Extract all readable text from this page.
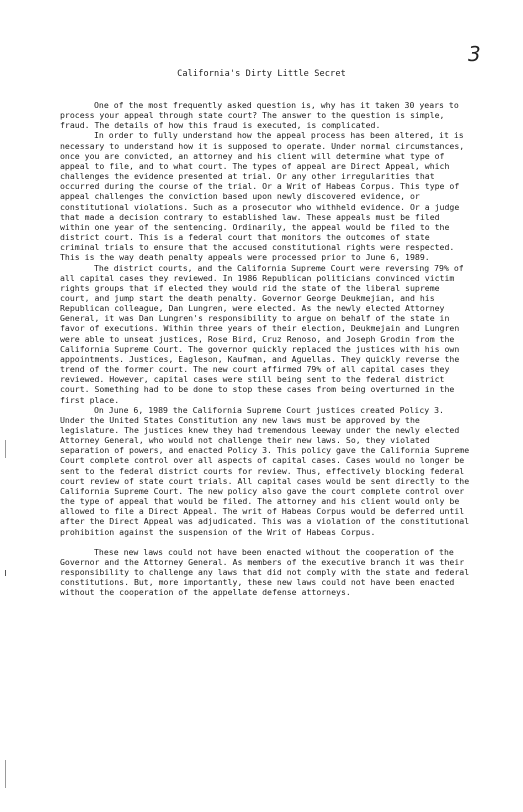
3
California's Dirty Little Secret

One of the most frequently asked question is, why has it taken 30 years to process your appeal through state court? The answer to the question is simple, fraud. The details of how this fraud is executed, is complicated.

In order to fully understand how the appeal process has been altered, it is necessary to understand how it is supposed to operate. Under normal circumstances, once you are convicted, an attorney and his client will determine what type of appeal to file, and to what court. The types of appeal are Direct Appeal, which challenges the evidence presented at trial. Or any other irregularities that occurred during the course of the trial. Or a Writ of Habeas Corpus. This type of appeal challenges the conviction based upon newly discovered evidence, or constitutional violations. Such as a prosecutor who withheld evidence. Or a judge that made a decision contrary to established law. These appeals must be filed within one year of the sentencing. Ordinarily, the appeal would be filed to the district court. This is a federal court that monitors the outcomes of state criminal trials to ensure that the accused constitutional rights were respected. This is the way death penalty appeals were processed prior to June 6, 1989.

The district courts, and the California Supreme Court were reversing 79% of all capital cases they reviewed. In 1986 Republican politicians convinced victim rights groups that if elected they would rid the state of the liberal supreme court, and jump start the death penalty. Governor George Deukmejian, and his Republican colleague, Dan Lungren, were elected. As the newly elected Attorney General, it was Dan Lungren's responsibility to argue on behalf of the state in favor of executions. Within three years of their election, Deukmejain and Lungren were able to unseat justices, Rose Bird, Cruz Renoso, and Joseph Grodin from the California Supreme Court. The governor quickly replaced the justices with his own appointments. Justices, Eagleson, Kaufman, and Aguellas. They quickly reverse the trend of the former court. The new court affirmed 79% of all capital cases they reviewed. However, capital cases were still being sent to the federal district court. Something had to be done to stop these cases from being overturned in the first place.

On June 6, 1989 the California Supreme Court justices created Policy 3. Under the United States Constitution any new laws must be approved by the legislature. The justices knew they had tremendous leeway under the newly elected Attorney General, who would not challenge their new laws. So, they violated separation of powers, and enacted Policy 3. This policy gave the California Supreme Court complete control over all aspects of capital cases. Cases would no longer be sent to the federal district courts for review. Thus, effectively blocking federal court review of state court trials. All capital cases would be sent directly to the California Supreme Court. The new policy also gave the court complete control over the type of appeal that would be filed. The attorney and his client would only be allowed to file a Direct Appeal. The writ of Habeas Corpus would be deferred until after the Direct Appeal was adjudicated. This was a violation of the constitutional prohibition against the suspension of the Writ of Habeas Corpus.

These new laws could not have been enacted without the cooperation of the Governor and the Attorney General. As members of the executive branch it was their responsibility to challenge any laws that did not comply with the state and federal constitutions. But, more importantly, these new laws could not have been enacted without the cooperation of the appellate defense attorneys.
